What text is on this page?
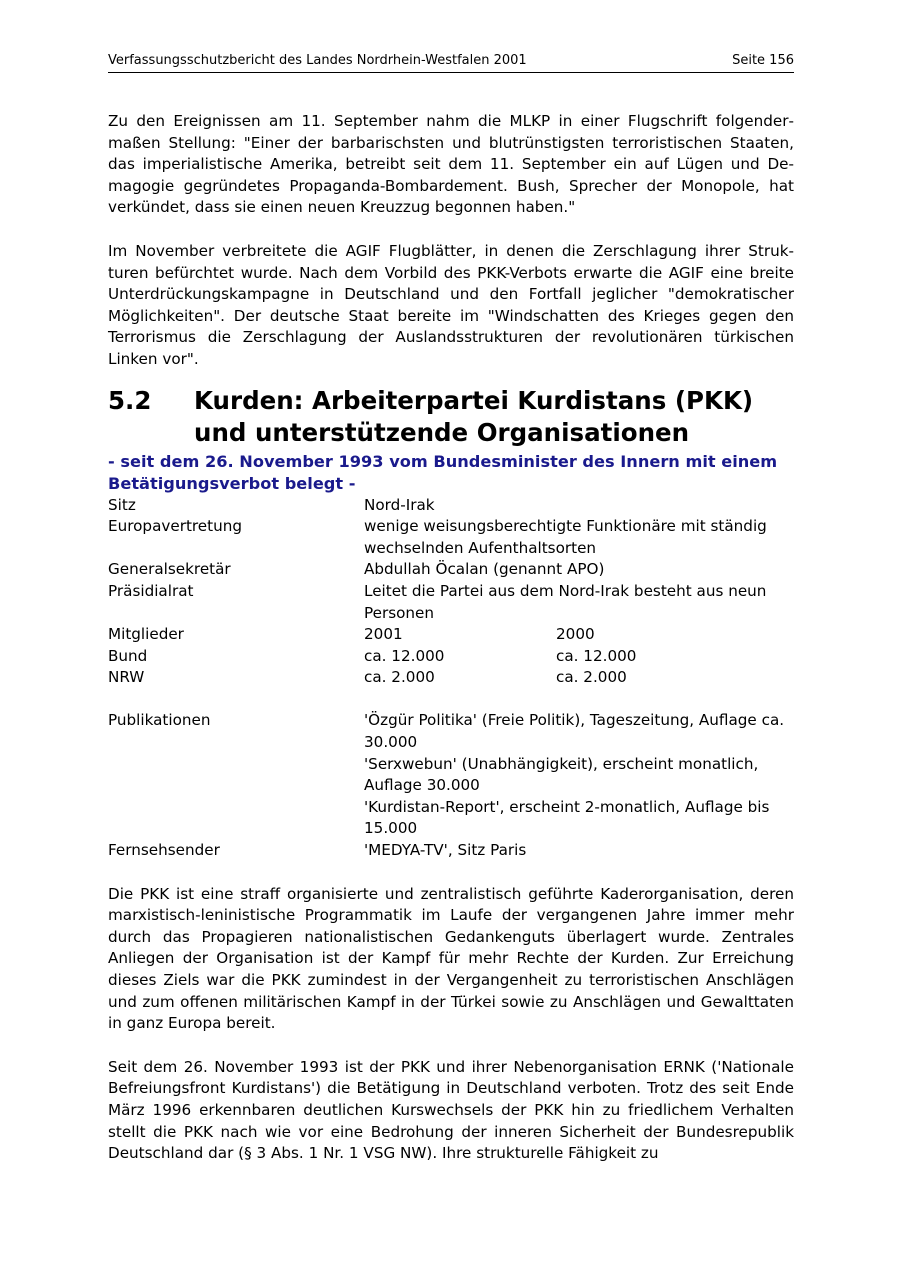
Verfassungsschutzbericht des Landes Nordrhein-Westfalen 2001	Seite 156

Zu den Ereignissen am 11. September nahm die MLKP in einer Flugschrift folgendermaßen Stellung: "Einer der barbarischsten und blutrünstigsten terroristischen Staaten, das imperialistische Amerika, betreibt seit dem 11. September ein auf Lügen und Demagogie gegründetes Propaganda-Bombardement. Bush, Sprecher der Monopole, hat verkündet, dass sie einen neuen Kreuzzug begonnen haben."

Im November verbreitete die AGIF Flugblätter, in denen die Zerschlagung ihrer Strukturen befürchtet wurde. Nach dem Vorbild des PKK-Verbots erwarte die AGIF eine breite Unterdrückungskampagne in Deutschland und den Fortfall jeglicher "demokratischer Möglichkeiten". Der deutsche Staat bereite im "Windschatten des Krieges gegen den Terrorismus die Zerschlagung der Auslandsstrukturen der revolutionären türkischen Linken vor".

5.2	Kurden: Arbeiterpartei Kurdistans (PKK) und unterstützende Organisationen
- seit dem 26. November 1993 vom Bundesminister des Innern mit einem Betätigungsverbot belegt -
Sitz	Nord-Irak
Europavertretung	wenige weisungsberechtigte Funktionäre mit ständig wechselnden Aufenthaltsorten
Generalsekretär	Abdullah Öcalan (genannt APO)
Präsidialrat	Leitet die Partei aus dem Nord-Irak besteht aus neun Personen
Mitglieder	2001	2000
Bund	ca. 12.000	ca. 12.000
NRW	ca. 2.000	ca. 2.000
Publikationen	'Özgür Politika' (Freie Politik), Tageszeitung, Auflage ca. 30.000
'Serxwebun' (Unabhängigkeit), erscheint monatlich, Auflage 30.000
'Kurdistan-Report', erscheint 2-monatlich, Auflage bis 15.000
Fernsehsender	'MEDYA-TV', Sitz Paris

Die PKK ist eine straff organisierte und zentralistisch geführte Kaderorganisation, deren marxistisch-leninistische Programmatik im Laufe der vergangenen Jahre immer mehr durch das Propagieren nationalistischen Gedankenguts überlagert wurde. Zentrales Anliegen der Organisation ist der Kampf für mehr Rechte der Kurden. Zur Erreichung dieses Ziels war die PKK zumindest in der Vergangenheit zu terroristischen Anschlägen und zum offenen militärischen Kampf in der Türkei sowie zu Anschlägen und Gewalttaten in ganz Europa bereit.

Seit dem 26. November 1993 ist der PKK und ihrer Nebenorganisation ERNK ('Nationale Befreiungsfront Kurdistans') die Betätigung in Deutschland verboten. Trotz des seit Ende März 1996 erkennbaren deutlichen Kurswechsels der PKK hin zu friedlichem Verhalten stellt die PKK nach wie vor eine Bedrohung der inneren Sicherheit der Bundesrepublik Deutschland dar (§ 3 Abs. 1 Nr. 1 VSG NW). Ihre strukturelle Fähigkeit zu
